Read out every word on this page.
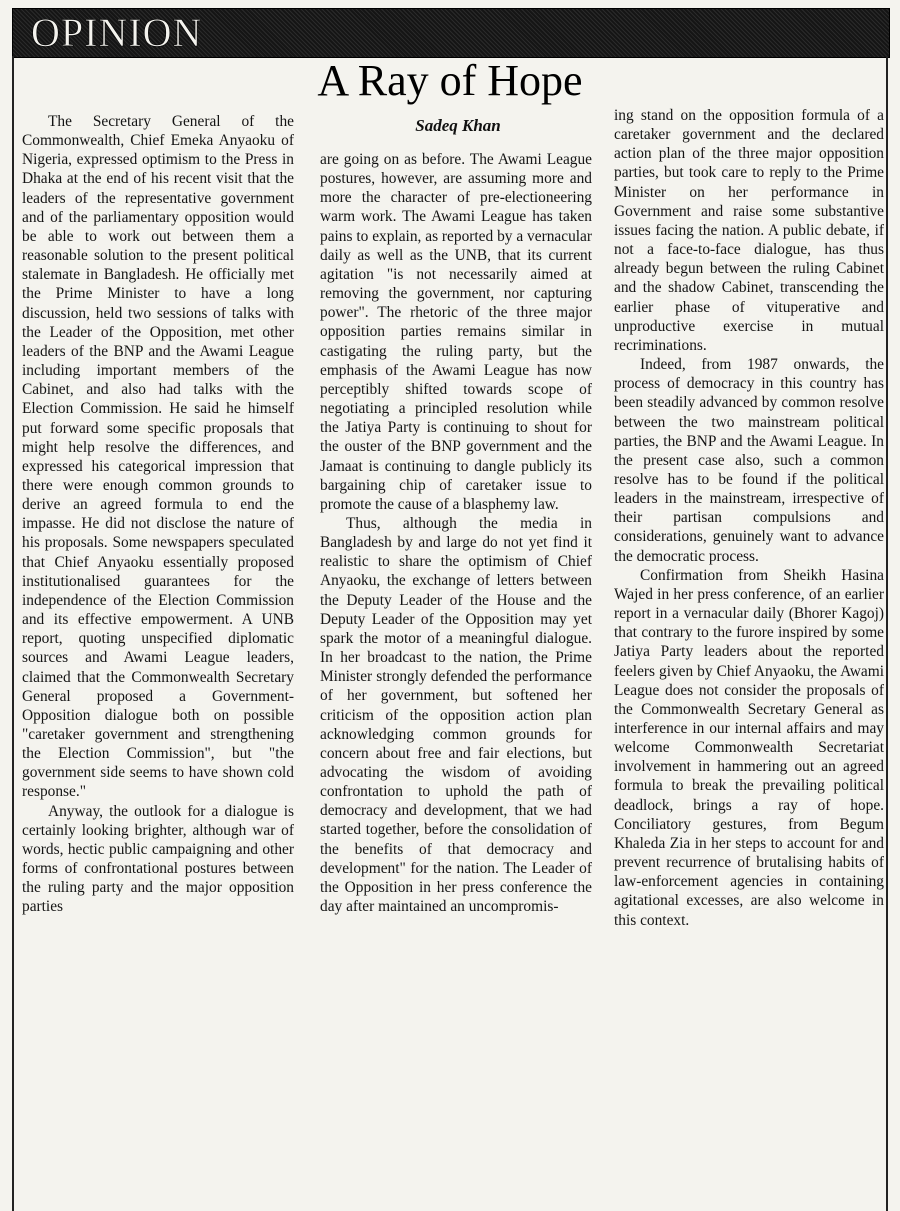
OPINION
A Ray of Hope
Sadeq Khan

The Secretary General of the Commonwealth, Chief Emeka Anyaoku of Nigeria, expressed optimism to the Press in Dhaka at the end of his recent visit that the leaders of the representative government and of the parliamentary opposition would be able to work out between them a reasonable solution to the present political stalemate in Bangladesh. He officially met the Prime Minister to have a long discussion, held two sessions of talks with the Leader of the Opposition, met other leaders of the BNP and the Awami League including important members of the Cabinet, and also had talks with the Election Commission. He said he himself put forward some specific proposals that might help resolve the differences, and expressed his categorical impression that there were enough common grounds to derive an agreed formula to end the impasse. He did not disclose the nature of his proposals. Some newspapers speculated that Chief Anyaoku essentially proposed institutionalised guarantees for the independence of the Election Commission and its effective empowerment. A UNB report, quoting unspecified diplomatic sources and Awami League leaders, claimed that the Commonwealth Secretary General proposed a Government-Opposition dialogue both on possible "caretaker government and strengthening the Election Commission", but "the government side seems to have shown cold response."

Anyway, the outlook for a dialogue is certainly looking brighter, although war of words, hectic public campaigning and other forms of confrontational postures between the ruling party and the major opposition parties

are going on as before. The Awami League postures, however, are assuming more and more the character of pre-electioneering warm work. The Awami League has taken pains to explain, as reported by a vernacular daily as well as the UNB, that its current agitation "is not necessarily aimed at removing the government, nor capturing power". The rhetoric of the three major opposition parties remains similar in castigating the ruling party, but the emphasis of the Awami League has now perceptibly shifted towards scope of negotiating a principled resolution while the Jatiya Party is continuing to shout for the ouster of the BNP government and the Jamaat is continuing to dangle publicly its bargaining chip of caretaker issue to promote the cause of a blasphemy law.

Thus, although the media in Bangladesh by and large do not yet find it realistic to share the optimism of Chief Anyaoku, the exchange of letters between the Deputy Leader of the House and the Deputy Leader of the Opposition may yet spark the motor of a meaningful dialogue. In her broadcast to the nation, the Prime Minister strongly defended the performance of her government, but softened her criticism of the opposition action plan acknowledging common grounds for concern about free and fair elections, but advocating the wisdom of avoiding confrontation to uphold the path of democracy and development, that we had started together, before the consolidation of the benefits of that democracy and development" for the nation. The Leader of the Opposition in her press conference the day after maintained an uncompromis-

ing stand on the opposition formula of a caretaker government and the declared action plan of the three major opposition parties, but took care to reply to the Prime Minister on her performance in Government and raise some substantive issues facing the nation. A public debate, if not a face-to-face dialogue, has thus already begun between the ruling Cabinet and the shadow Cabinet, transcending the earlier phase of vituperative and unproductive exercise in mutual recriminations.

Indeed, from 1987 onwards, the process of democracy in this country has been steadily advanced by common resolve between the two mainstream political parties, the BNP and the Awami League. In the present case also, such a common resolve has to be found if the political leaders in the mainstream, irrespective of their partisan compulsions and considerations, genuinely want to advance the democratic process.

Confirmation from Sheikh Hasina Wajed in her press conference, of an earlier report in a vernacular daily (Bhorer Kagoj) that contrary to the furore inspired by some Jatiya Party leaders about the reported feelers given by Chief Anyaoku, the Awami League does not consider the proposals of the Commonwealth Secretary General as interference in our internal affairs and may welcome Commonwealth Secretariat involvement in hammering out an agreed formula to break the prevailing political deadlock, brings a ray of hope. Conciliatory gestures, from Begum Khaleda Zia in her steps to account for and prevent recurrence of brutalising habits of law-enforcement agencies in containing agitational excesses, are also welcome in this context.
